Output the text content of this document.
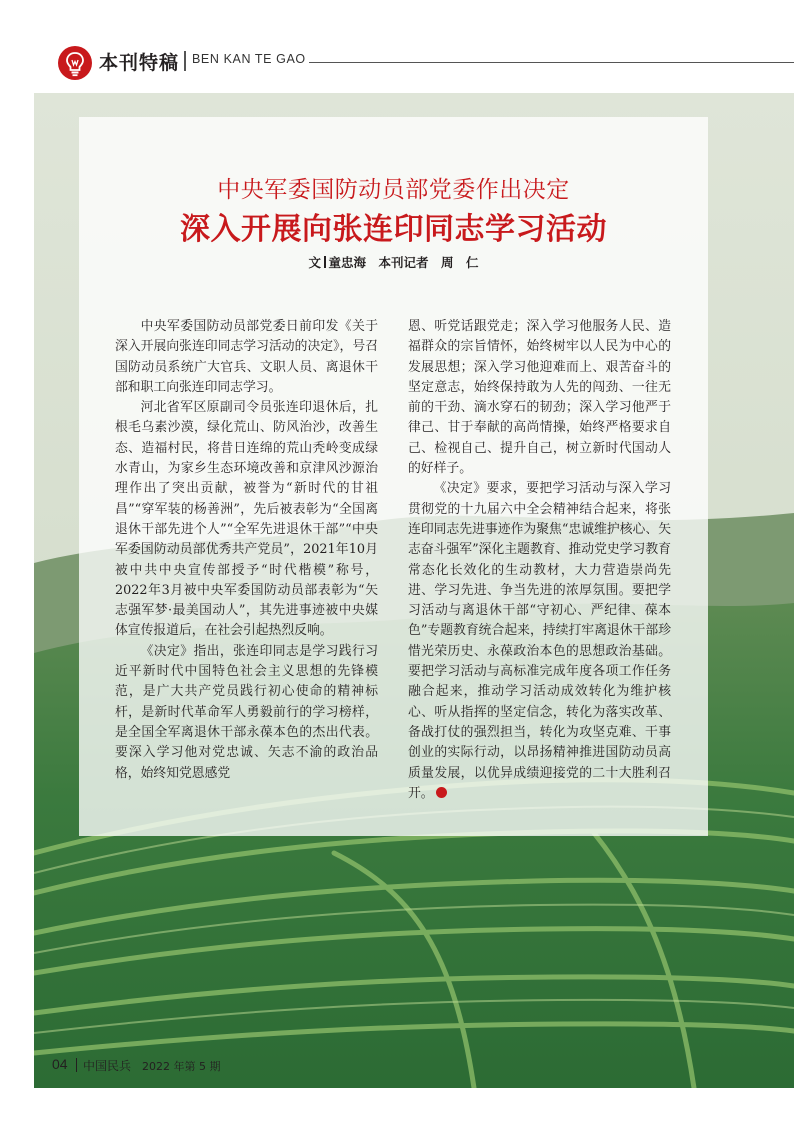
本刊特稿 BEN KAN TE GAO
中央军委国防动员部党委作出决定
深入开展向张连印同志学习活动
文 童忠海　本刊记者　周　仁

中央军委国防动员部党委日前印发《关于深入开展向张连印同志学习活动的决定》，号召国防动员系统广大官兵、文职人员、离退休干部和职工向张连印同志学习。

河北省军区原副司令员张连印退休后，扎根毛乌素沙漠，绿化荒山、防风治沙，改善生态、造福村民，将昔日连绵的荒山秃岭变成绿水青山，为家乡生态环境改善和京津风沙源治理作出了突出贡献，被誉为“新时代的甘祖昌”“穿军装的杨善洲”，先后被表彰为“全国离退休干部先进个人”“全军先进退休干部”“中央军委国防动员部优秀共产党员”，2021年10月被中共中央宣传部授予“时代楷模”称号，2022年3月被中央军委国防动员部表彰为“矢志强军梦·最美国动人”，其先进事迹被中央媒体宣传报道后，在社会引起热烈反响。

《决定》指出，张连印同志是学习践行习近平新时代中国特色社会主义思想的先锋模范，是广大共产党员践行初心使命的精神标杆，是新时代革命军人勇毅前行的学习榜样，是全国全军离退休干部永葆本色的杰出代表。要深入学习他对党忠诚、矢志不渝的政治品格，始终知党恩感党

恩、听党话跟党走；深入学习他服务人民、造福群众的宗旨情怀，始终树牢以人民为中心的发展思想；深入学习他迎难而上、艰苦奋斗的坚定意志，始终保持敢为人先的闯劲、一往无前的干劲、滴水穿石的韧劲；深入学习他严于律己、甘于奉献的高尚情操，始终严格要求自己、检视自己、提升自己，树立新时代国动人的好样子。

《决定》要求，要把学习活动与深入学习贯彻党的十九届六中全会精神结合起来，将张连印同志先进事迹作为聚焦“忠诚维护核心、矢志奋斗强军”深化主题教育、推动党史学习教育常态化长效化的生动教材，大力营造崇尚先进、学习先进、争当先进的浓厚氛围。要把学习活动与离退休干部“守初心、严纪律、葆本色”专题教育统合起来，持续打牢离退休干部珍惜光荣历史、永葆政治本色的思想政治基础。要把学习活动与高标准完成年度各项工作任务融合起来，推动学习活动成效转化为维护核心、听从指挥的坚定信念，转化为落实改革、备战打仗的强烈担当，转化为攻坚克难、干事创业的实际行动，以昂扬精神推进国防动员高质量发展，以优异成绩迎接党的二十大胜利召开。

04 中国民兵 2022 年第 5 期
